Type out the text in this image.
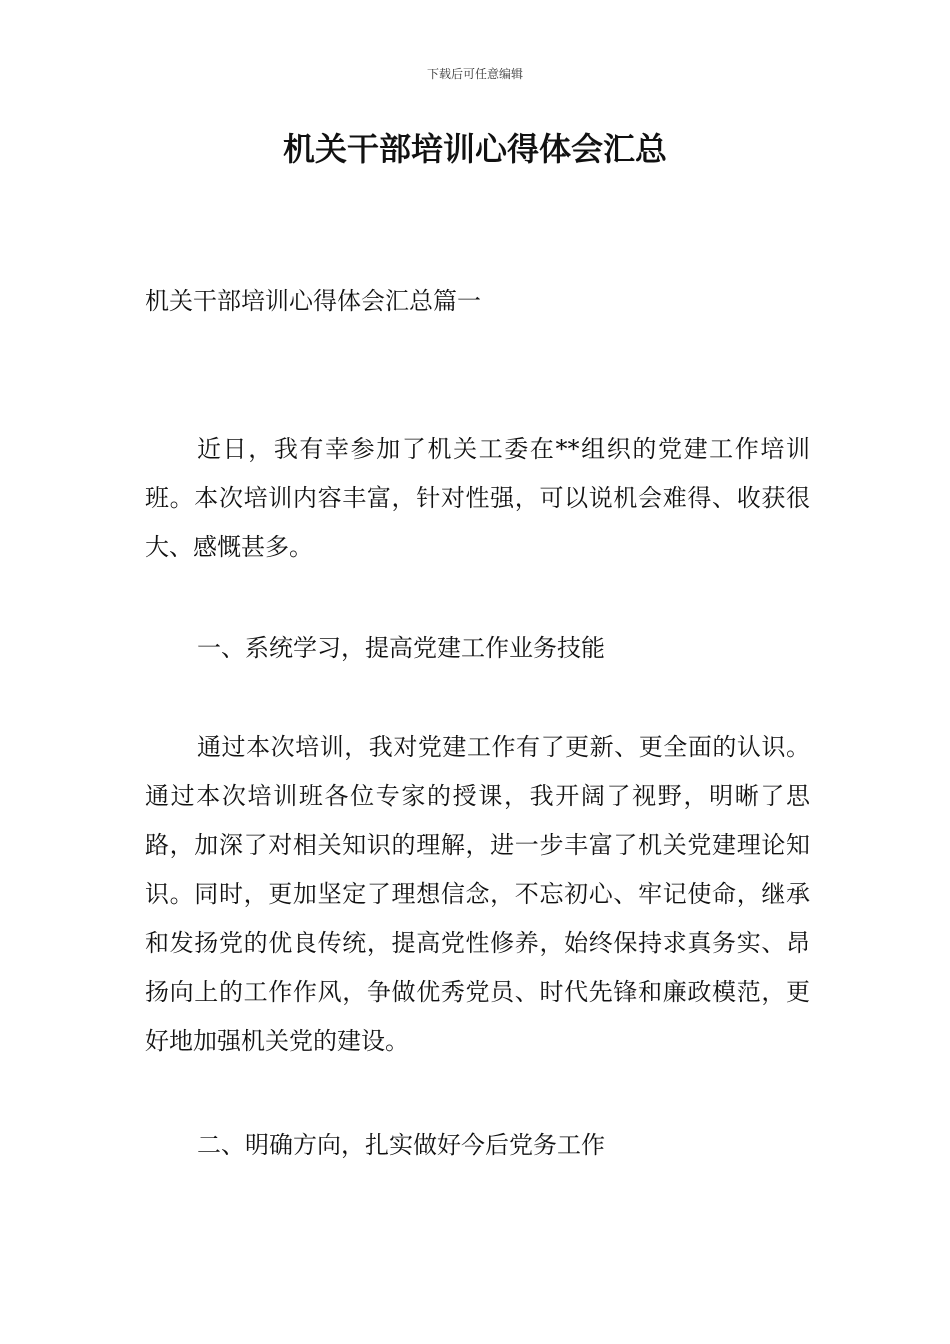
下载后可任意编辑
机关干部培训心得体会汇总
机关干部培训心得体会汇总篇一

近日，我有幸参加了机关工委在**组织的党建工作培训班。本次培训内容丰富，针对性强，可以说机会难得、收获很大、感慨甚多。

一、系统学习，提高党建工作业务技能

通过本次培训，我对党建工作有了更新、更全面的认识。通过本次培训班各位专家的授课，我开阔了视野，明晰了思路，加深了对相关知识的理解，进一步丰富了机关党建理论知识。同时，更加坚定了理想信念，不忘初心、牢记使命，继承和发扬党的优良传统，提高党性修养，始终保持求真务实、昂扬向上的工作作风，争做优秀党员、时代先锋和廉政模范，更好地加强机关党的建设。

二、明确方向，扎实做好今后党务工作
